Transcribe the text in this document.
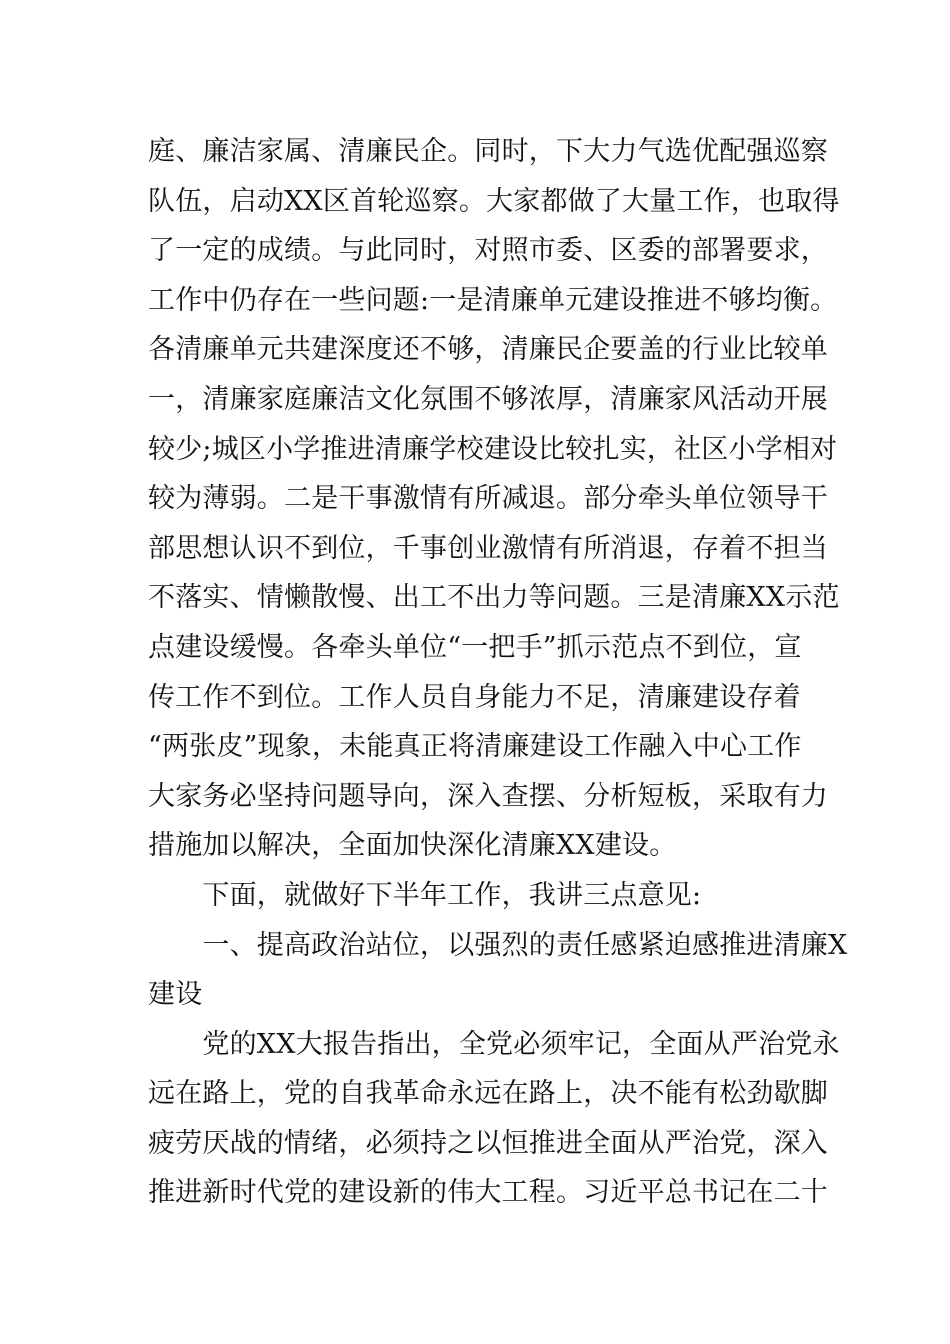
庭、廉洁家属、清廉民企。同时，下大力气选优配强巡察
队伍，启动XX区首轮巡察。大家都做了大量工作，也取得
了一定的成绩。与此同时，对照市委、区委的部署要求，
工作中仍存在一些问题:一是清廉单元建设推进不够均衡。
各清廉单元共建深度还不够，清廉民企要盖的行业比较单
一，清廉家庭廉洁文化氛围不够浓厚，清廉家风活动开展
较少;城区小学推进清廉学校建设比较扎实，社区小学相对
较为薄弱。二是干事激情有所减退。部分牵头单位领导干
部思想认识不到位，千事创业激情有所消退，存着不担当
不落实、情懒散慢、出工不出力等问题。三是清廉XX示范
点建设缓慢。各牵头单位“一把手”抓示范点不到位，宣
传工作不到位。工作人员自身能力不足，清廉建设存着
“两张皮”现象，未能真正将清廉建设工作融入中心工作
大家务必坚持问题导向，深入查摆、分析短板，采取有力
措施加以解决，全面加快深化清廉XX建设。
　　下面，就做好下半年工作，我讲三点意见:
　　一、提高政治站位，以强烈的责任感紧迫感推进清廉X
建设
　　党的XX大报告指出，全党必须牢记，全面从严治党永
远在路上，党的自我革命永远在路上，决不能有松劲歇脚
疲劳厌战的情绪，必须持之以恒推进全面从严治党，深入
推进新时代党的建设新的伟大工程。习近平总书记在二十
